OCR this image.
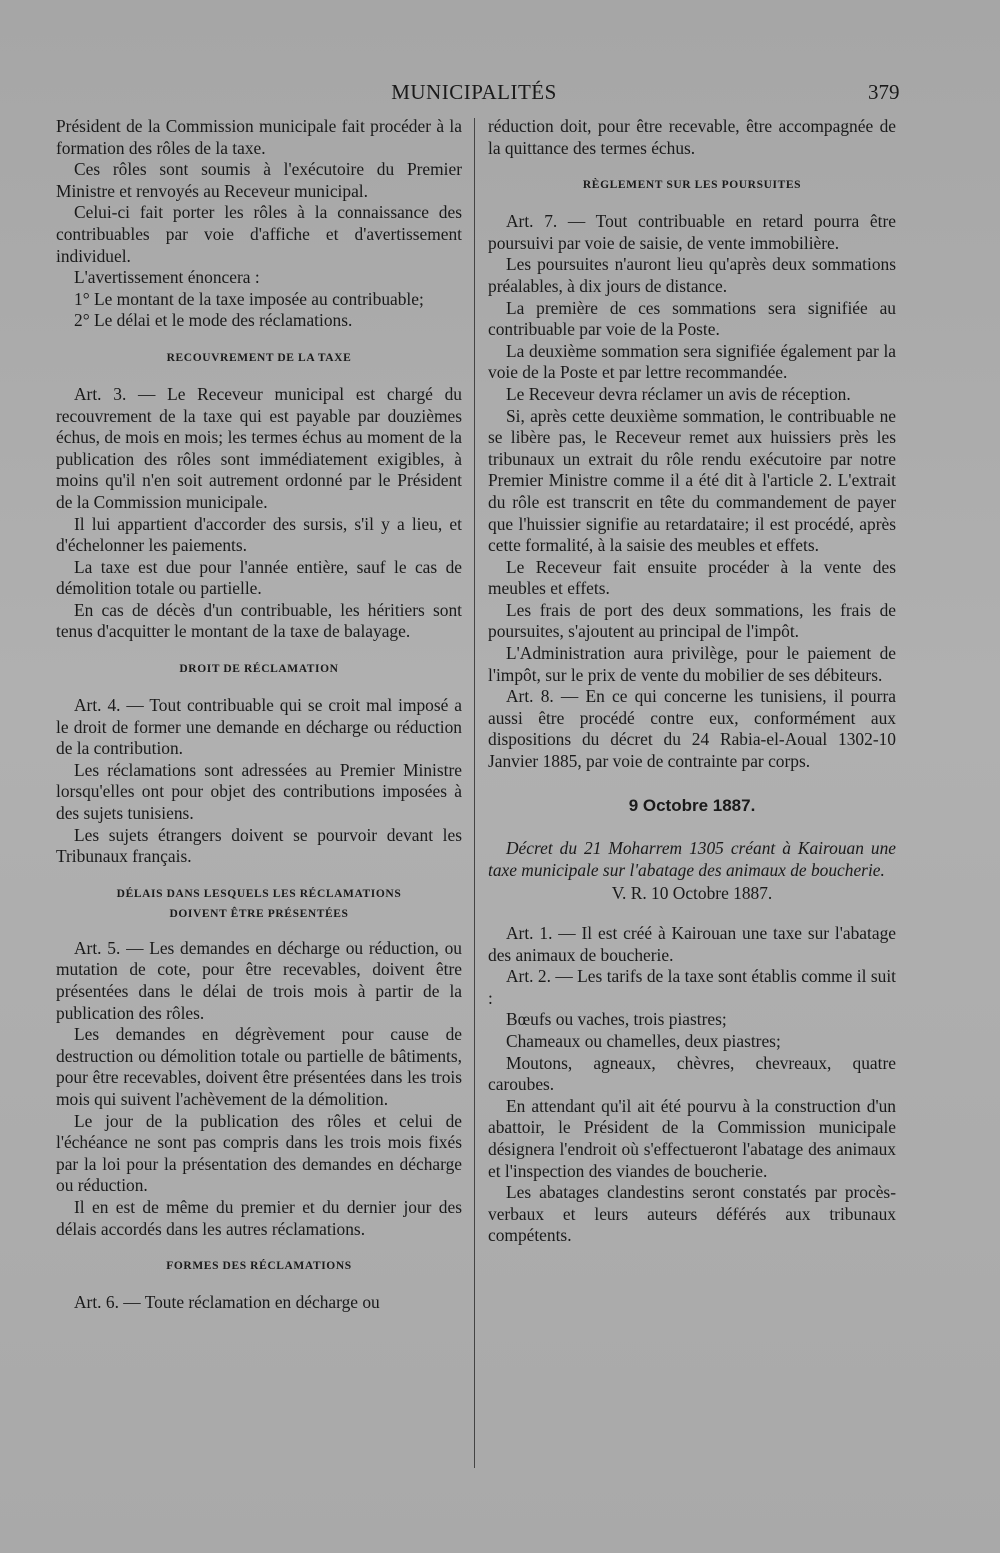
MUNICIPALITÉS	379

Président de la Commission municipale fait procéder à la formation des rôles de la taxe.

Ces rôles sont soumis à l'exécutoire du Premier Ministre et renvoyés au Receveur municipal.

Celui-ci fait porter les rôles à la connaissance des contribuables par voie d'affiche et d'avertissement individuel.

L'avertissement énoncera :

1° Le montant de la taxe imposée au contribuable;

2° Le délai et le mode des réclamations.

RECOUVREMENT DE LA TAXE

Art. 3. — Le Receveur municipal est chargé du recouvrement de la taxe qui est payable par douzièmes échus, de mois en mois; les termes échus au moment de la publication des rôles sont immédiatement exigibles, à moins qu'il n'en soit autrement ordonné par le Président de la Commission municipale.

Il lui appartient d'accorder des sursis, s'il y a lieu, et d'échelonner les paiements.

La taxe est due pour l'année entière, sauf le cas de démolition totale ou partielle.

En cas de décès d'un contribuable, les héritiers sont tenus d'acquitter le montant de la taxe de balayage.

DROIT DE RÉCLAMATION

Art. 4. — Tout contribuable qui se croit mal imposé a le droit de former une demande en décharge ou réduction de la contribution.

Les réclamations sont adressées au Premier Ministre lorsqu'elles ont pour objet des contributions imposées à des sujets tunisiens.

Les sujets étrangers doivent se pourvoir devant les Tribunaux français.

DÉLAIS DANS LESQUELS LES RÉCLAMATIONS
DOIVENT ÊTRE PRÉSENTÉES

Art. 5. — Les demandes en décharge ou réduction, ou mutation de cote, pour être recevables, doivent être présentées dans le délai de trois mois à partir de la publication des rôles.

Les demandes en dégrèvement pour cause de destruction ou démolition totale ou partielle de bâtiments, pour être recevables, doivent être présentées dans les trois mois qui suivent l'achèvement de la démolition.

Le jour de la publication des rôles et celui de l'échéance ne sont pas compris dans les trois mois fixés par la loi pour la présentation des demandes en décharge ou réduction.

Il en est de même du premier et du dernier jour des délais accordés dans les autres réclamations.

FORMES DES RÉCLAMATIONS

Art. 6. — Toute réclamation en décharge ou

réduction doit, pour être recevable, être accompagnée de la quittance des termes échus.

RÈGLEMENT SUR LES POURSUITES

Art. 7. — Tout contribuable en retard pourra être poursuivi par voie de saisie, de vente immobilière.

Les poursuites n'auront lieu qu'après deux sommations préalables, à dix jours de distance.

La première de ces sommations sera signifiée au contribuable par voie de la Poste.

La deuxième sommation sera signifiée également par la voie de la Poste et par lettre recommandée.

Le Receveur devra réclamer un avis de réception.

Si, après cette deuxième sommation, le contribuable ne se libère pas, le Receveur remet aux huissiers près les tribunaux un extrait du rôle rendu exécutoire par notre Premier Ministre comme il a été dit à l'article 2. L'extrait du rôle est transcrit en tête du commandement de payer que l'huissier signifie au retardataire; il est procédé, après cette formalité, à la saisie des meubles et effets.

Le Receveur fait ensuite procéder à la vente des meubles et effets.

Les frais de port des deux sommations, les frais de poursuites, s'ajoutent au principal de l'impôt.

L'Administration aura privilège, pour le paiement de l'impôt, sur le prix de vente du mobilier de ses débiteurs.

Art. 8. — En ce qui concerne les tunisiens, il pourra aussi être procédé contre eux, conformément aux dispositions du décret du 24 Rabia-el-Aoual 1302-10 Janvier 1885, par voie de contrainte par corps.

9 Octobre 1887.

Décret du 21 Moharrem 1305 créant à Kairouan une taxe municipale sur l'abatage des animaux de boucherie.

V. R. 10 Octobre 1887.

Art. 1. — Il est créé à Kairouan une taxe sur l'abatage des animaux de boucherie.

Art. 2. — Les tarifs de la taxe sont établis comme il suit :

Bœufs ou vaches, trois piastres;

Chameaux ou chamelles, deux piastres;

Moutons, agneaux, chèvres, chevreaux, quatre caroubes.

En attendant qu'il ait été pourvu à la construction d'un abattoir, le Président de la Commission municipale désignera l'endroit où s'effectueront l'abatage des animaux et l'inspection des viandes de boucherie.

Les abatages clandestins seront constatés par procès-verbaux et leurs auteurs déférés aux tribunaux compétents.
